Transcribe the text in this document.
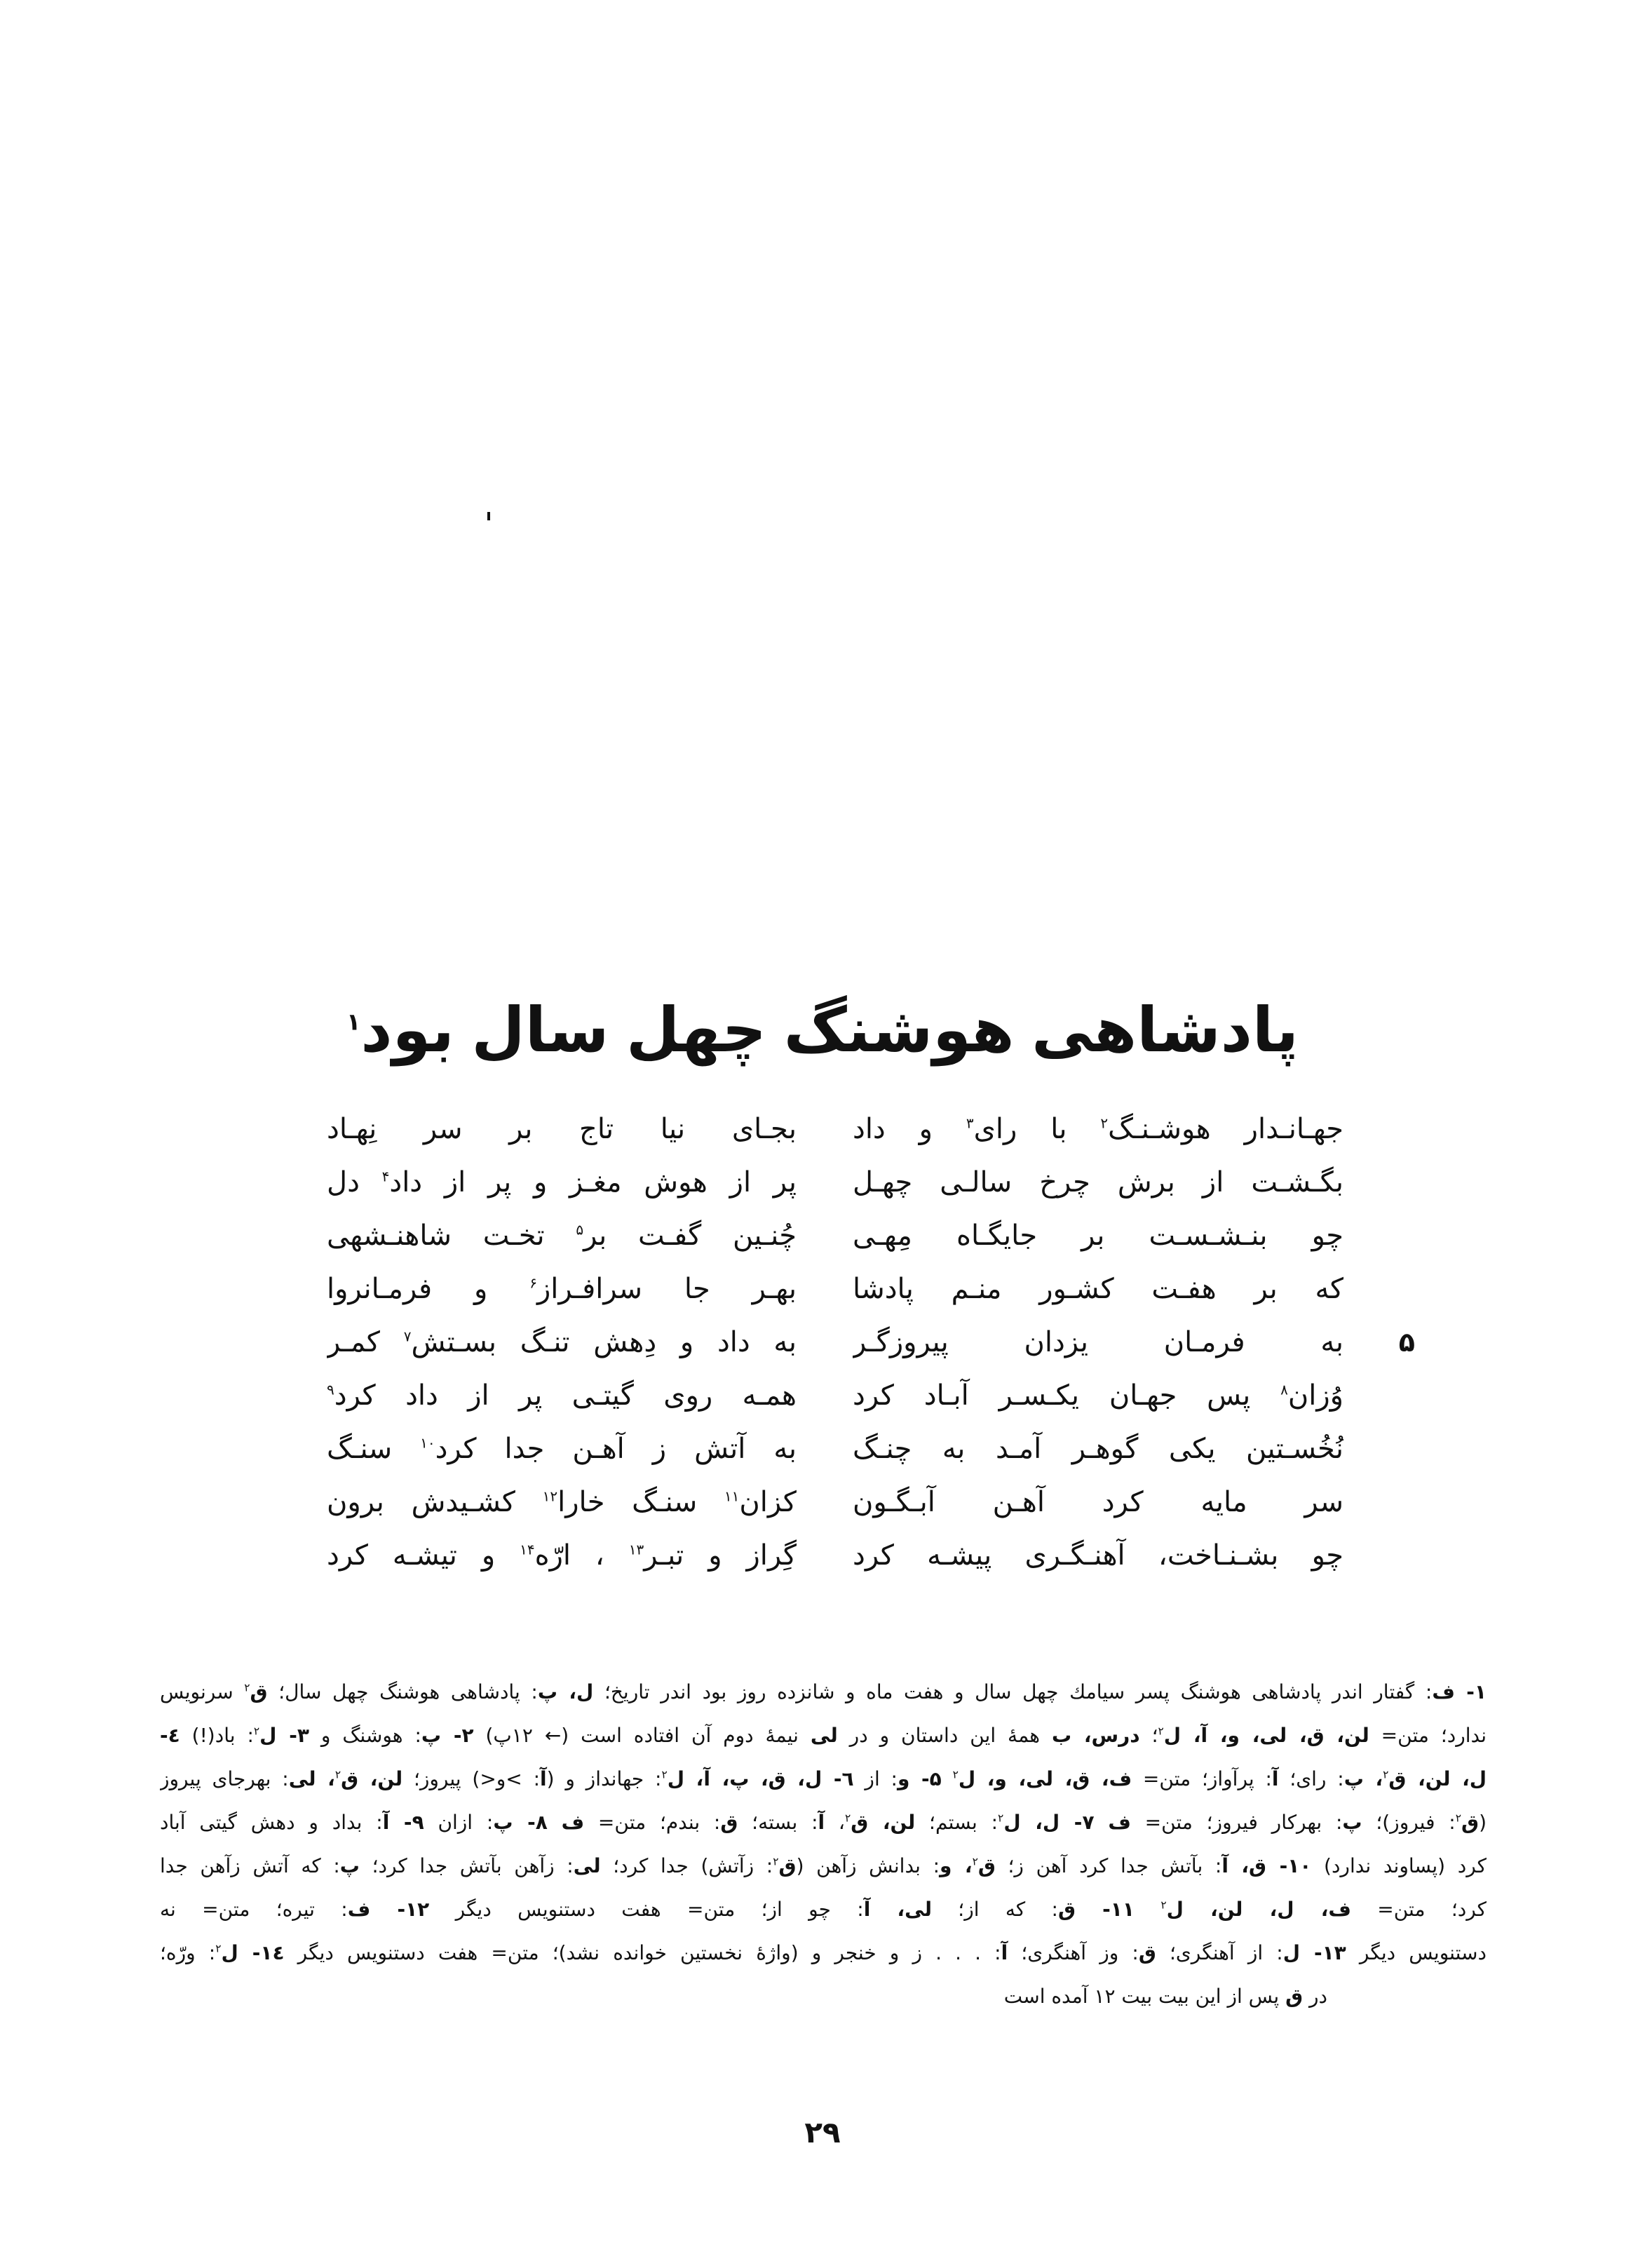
پادشاهی هوشنگ چهل سال بود$^۱$
جهـانـدار هوشـنـگ$^۲$ با رای$^۳$ و داد
بجـای نیا تاج بر سر نِهـاد
بگـشـت از برش چرخ سالـی چهـل
پر از هوش مغـز و پر از داد$^۴$ دل
چو بنـشـسـت بر جایگـاه مِهـی
چُنـین گفـت بر$^۵$ تخـت شاهنـشهی
که بر هفـت کشـور منـم پادشا
بهـر جا سرافـراز$^۶$ و فرمـانروا
به فرمـان یزدان پیروزگـر
به داد و دِهش تنـگ بسـتش$^۷$ کمـر
وُزان$^۸$ پس جهـان یکـسـر آبـاد کرد
همـه روی گیتـی پر از داد کرد$^۹$
نُخُسـتین یکی گوهـر آمـد به چنـگ
به آتش ز آهـن جدا کرد$^{۱۰}$ سنـگ
سر مایه کرد آهـن آبـگـون
کزان$^{۱۱}$ سنـگ خارا$^{۱۲}$ کشـیدش برون
چو بشـنـاخت، آهنـگـری پیشـه کرد
گِراز و تبـر$^{۱۳}$ ، ارّه$^{۱۴}$ و تیشـه کرد
۵
۱- ف: گفتار اندر پادشاهی هوشنگ پسر سیامك چهل سال و هفت ماه و شانزده روز بود اندر تاریخ؛ ل، پ: پادشاهی هوشنگ چهل سال؛ ق$^۲$ سرنویس
ندارد؛ متن= لن، ق، لی، و، آ، ل$^۲$؛ درس، ب همهٔ این داستان و در لی نیمهٔ دوم آن افتاده است (← ۱۲پ) ۲- پ: هوشنگ و ۳- ل$^۲$: باد(!) ٤-
ل، لن، ق$^۲$، پ: رای؛ آ: پرآواز؛ متن= ف، ق، لی، و، ل$^۲$ ۵- و: از ٦- ل، ق، پ، آ، ل$^۲$: جهانداز و (آ: >و<) پیروز؛ لن، ق$^۲$، لی: بهرجای پیروز
(ق$^۲$: فیروز)؛ پ: بهرکار فیروز؛ متن= ف ۷- ل، ل$^۲$: بستم؛ لن، ق$^۲$، آ: بسته؛ ق: بندم؛ متن= ف ۸- پ: ازان ۹- آ: بداد و دهش گیتی آباد
کرد (پساوند ندارد) ۱۰- ق، آ: بآتش جدا کرد آهن ز؛ ق$^۲$، و: بدانش زآهن (ق$^۲$: زآتش) جدا کرد؛ لی: زآهن بآتش جدا کرد؛ پ: که آتش زآهن جدا
کرد؛ متن= ف، ل، لن، ل$^۲$ ۱۱- ق: که از؛ لی، آ: چو از؛ متن= هفت دستنویس دیگر ۱۲- ف: تیره؛ متن= نه
دستنویس دیگر ۱۳- ل: از آهنگری؛ ق: وز آهنگری؛ آ: . . . ز و خنجر و (واژهٔ نخستین خوانده نشد)؛ متن= هفت دستنویس دیگر ۱٤- ل$^۲$: ورّه؛
در ق پس از این بیت بیت ۱۲ آمده است
۲۹
